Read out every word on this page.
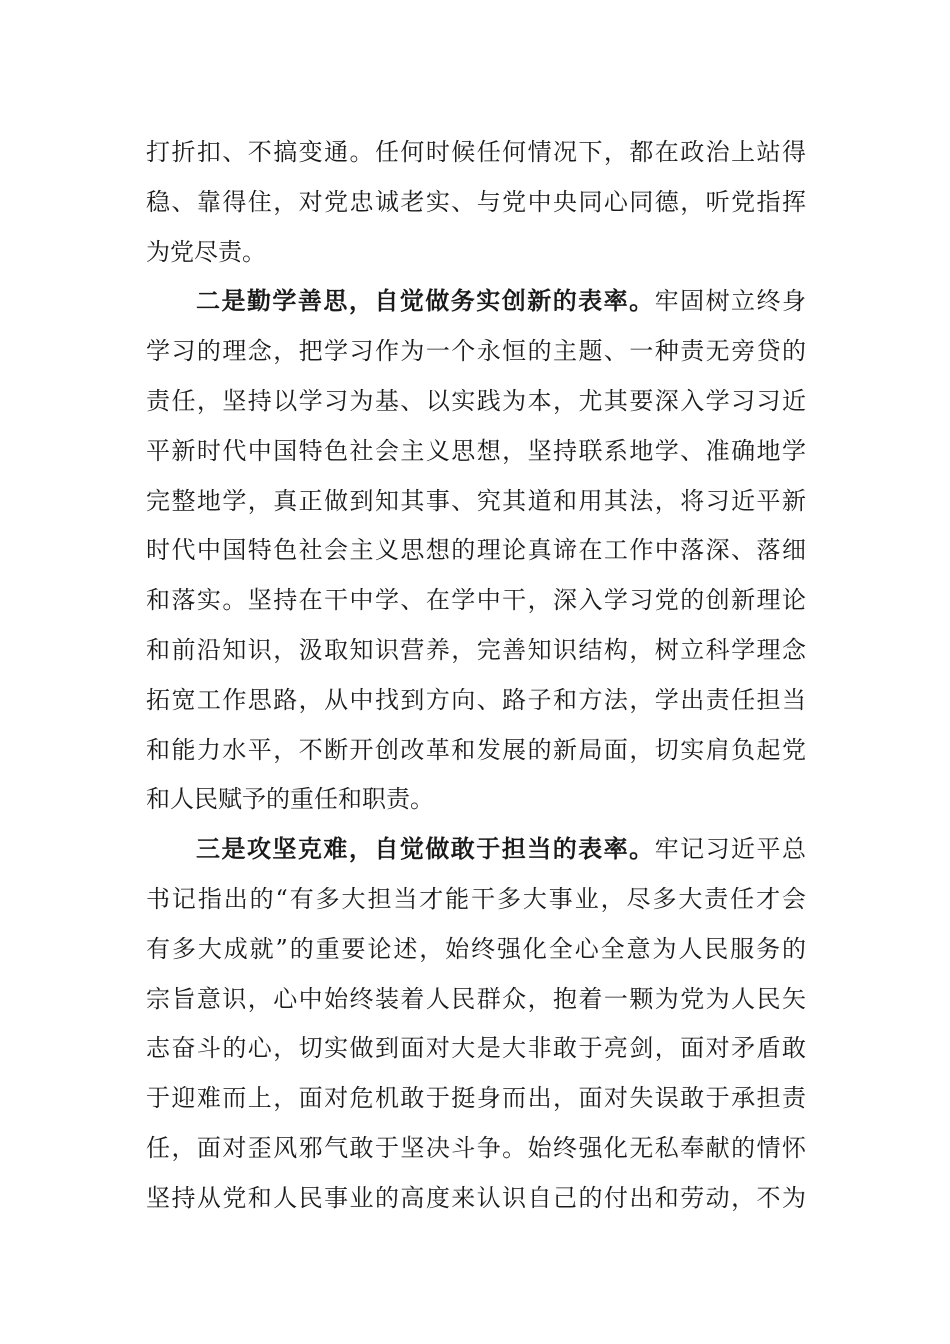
打折扣、不搞变通。任何时候任何情况下，都在政治上站得
稳、靠得住，对党忠诚老实、与党中央同心同德，听党指挥
为党尽责。
二是勤学善思，自觉做务实创新的表率。牢固树立终身
学习的理念，把学习作为一个永恒的主题、一种责无旁贷的
责任，坚持以学习为基、以实践为本，尤其要深入学习习近
平新时代中国特色社会主义思想，坚持联系地学、准确地学
完整地学，真正做到知其事、究其道和用其法，将习近平新
时代中国特色社会主义思想的理论真谛在工作中落深、落细
和落实。坚持在干中学、在学中干，深入学习党的创新理论
和前沿知识，汲取知识营养，完善知识结构，树立科学理念
拓宽工作思路，从中找到方向、路子和方法，学出责任担当
和能力水平，不断开创改革和发展的新局面，切实肩负起党
和人民赋予的重任和职责。
三是攻坚克难，自觉做敢于担当的表率。牢记习近平总
书记指出的“有多大担当才能干多大事业，尽多大责任才会
有多大成就”的重要论述，始终强化全心全意为人民服务的
宗旨意识，心中始终装着人民群众，抱着一颗为党为人民矢
志奋斗的心，切实做到面对大是大非敢于亮剑，面对矛盾敢
于迎难而上，面对危机敢于挺身而出，面对失误敢于承担责
任，面对歪风邪气敢于坚决斗争。始终强化无私奉献的情怀
坚持从党和人民事业的高度来认识自己的付出和劳动，不为
